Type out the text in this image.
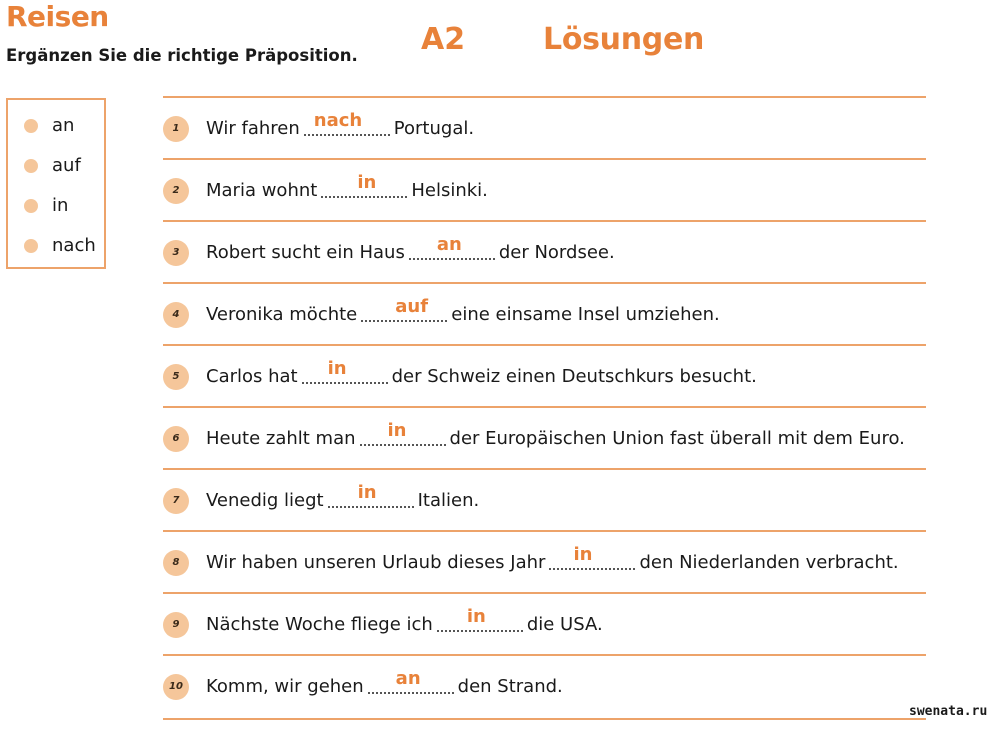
Reisen
Ergänzen Sie die richtige Präposition. A2	Lösungen
an
auf
in
nach
1	Wir fahren nach Portugal.
2	Maria wohnt in Helsinki.
3	Robert sucht ein Haus an der Nordsee.
4	Veronika möchte auf eine einsame Insel umziehen.
5	Carlos hat in	der Schweiz einen Deutschkurs besucht.
6	Heute zahlt man in der Europäischen Union fast überall mit dem Euro.
7	Venedig liegt in Italien.
8	Wir haben unseren Urlaub dieses Jahr in	den Niederlanden verbracht.
9	Nächste Woche fliege ich in die USA.
10	Komm, wir gehen an den Strand.
swenata.ru
